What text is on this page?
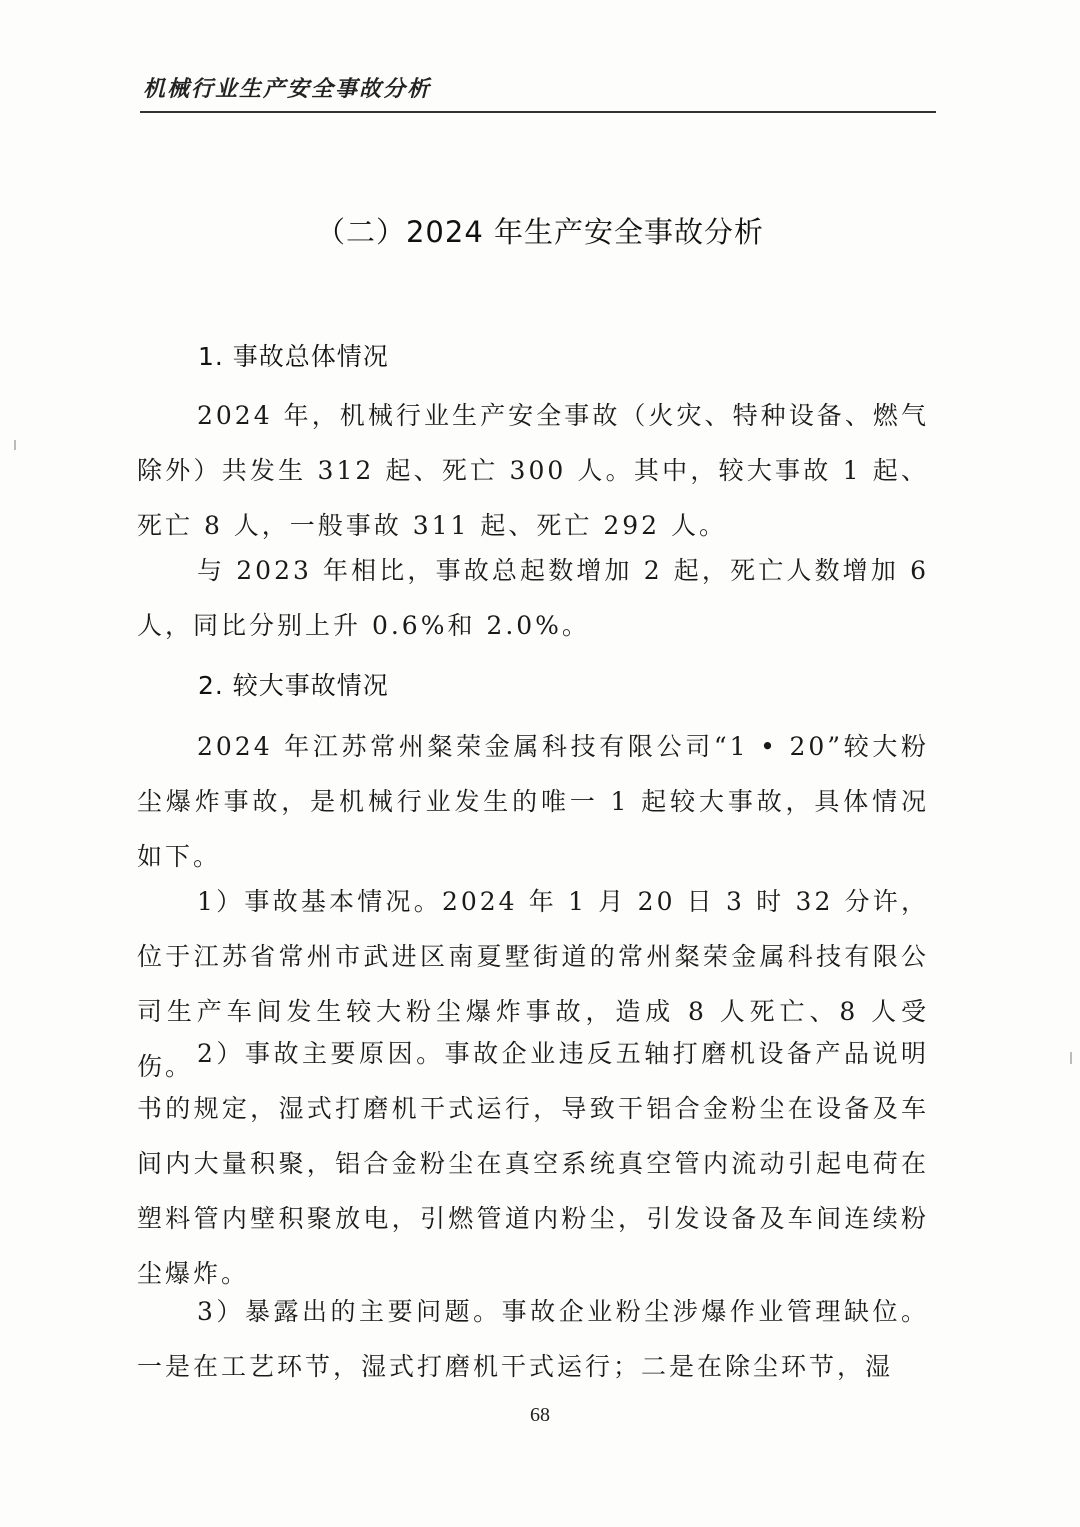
机械行业生产安全事故分析
（二）2024 年生产安全事故分析
1. 事故总体情况

2024 年，机械行业生产安全事故（火灾、特种设备、燃气除外）共发生 312 起、死亡 300 人。其中，较大事故 1 起、死亡 8 人，一般事故 311 起、死亡 292 人。

与 2023 年相比，事故总起数增加 2 起，死亡人数增加 6 人，同比分别上升 0.6%和 2.0%。

2. 较大事故情况

2024 年江苏常州粲荣金属科技有限公司“1 • 20”较大粉尘爆炸事故，是机械行业发生的唯一 1 起较大事故，具体情况如下。

1）事故基本情况。2024 年 1 月 20 日 3 时 32 分许，位于江苏省常州市武进区南夏墅街道的常州粲荣金属科技有限公司生产车间发生较大粉尘爆炸事故，造成 8 人死亡、8 人受伤。 2）事故主要原因。事故企业违反五轴打磨机设备产品说明书的规定，湿式打磨机干式运行，导致干铝合金粉尘在设备及车间内大量积聚，铝合金粉尘在真空系统真空管内流动引起电荷在塑料管内壁积聚放电，引燃管道内粉尘，引发设备及车间连续粉尘爆炸。

3）暴露出的主要问题。事故企业粉尘涉爆作业管理缺位。一是在工艺环节，湿式打磨机干式运行；二是在除尘环节，湿

68
